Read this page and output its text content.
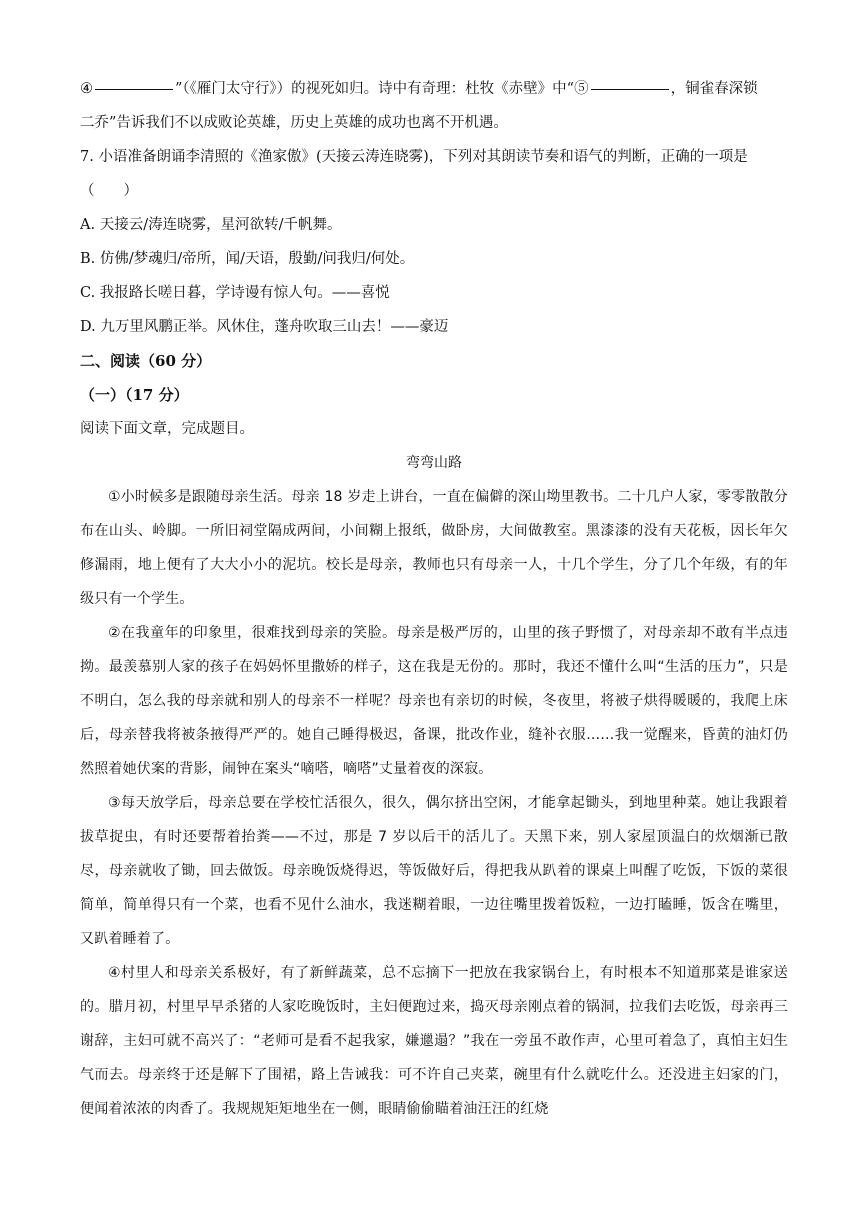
④	”（《雁门太守行》）的视死如归。诗中有奇理：杜牧《赤壁》中“⑤	，铜雀春深锁
二乔”告诉我们不以成败论英雄，历史上英雄的成功也离不开机遇。
7. 小语准备朗诵李清照的《渔家傲》(天接云涛连晓雾)，下列对其朗读节奏和语气的判断，正确的一项是
（　　）
A. 天接云/涛连晓雾，星河欲转/千帆舞。
B. 仿佛/梦魂归/帝所，闻/天语，殷勤/问我归/何处。
C. 我报路长嗟日暮，学诗谩有惊人句。——喜悦
D. 九万里风鹏正举。风休住，蓬舟吹取三山去！——豪迈
二、阅读（60 分）
（一）（17 分）
阅读下面文章，完成题目。
弯弯山路

①小时候多是跟随母亲生活。母亲 18 岁走上讲台，一直在偏僻的深山坳里教书。二十几户人家，零零散散分布在山头、岭脚。一所旧祠堂隔成两间，小间糊上报纸，做卧房，大间做教室。黑漆漆的没有天花板，因长年欠修漏雨，地上便有了大大小小的泥坑。校长是母亲，教师也只有母亲一人，十几个学生，分了几个年级，有的年级只有一个学生。

②在我童年的印象里，很难找到母亲的笑脸。母亲是极严厉的，山里的孩子野惯了，对母亲却不敢有半点违拗。最羡慕别人家的孩子在妈妈怀里撒娇的样子，这在我是无份的。那时，我还不懂什么叫“生活的压力”，只是不明白，怎么我的母亲就和别人的母亲不一样呢？母亲也有亲切的时候，冬夜里，将被子烘得暖暖的，我爬上床后，母亲替我将被条掖得严严的。她自己睡得极迟，备课，批改作业，缝补衣服……我一觉醒来，昏黄的油灯仍然照着她伏案的背影，闹钟在案头“嘀嗒，嘀嗒”丈量着夜的深寂。

③每天放学后，母亲总要在学校忙活很久，很久，偶尔挤出空闲，才能拿起锄头，到地里种菜。她让我跟着拔草捉虫，有时还要帮着抬粪——不过，那是 7 岁以后干的活儿了。天黑下来，别人家屋顶温白的炊烟渐已散尽，母亲就收了锄，回去做饭。母亲晚饭烧得迟，等饭做好后，得把我从趴着的课桌上叫醒了吃饭，下饭的菜很简单，简单得只有一个菜，也看不见什么油水，我迷糊着眼，一边往嘴里拨着饭粒，一边打瞌睡，饭含在嘴里，又趴着睡着了。

④村里人和母亲关系极好，有了新鲜蔬菜，总不忘摘下一把放在我家锅台上，有时根本不知道那菜是谁家送的。腊月初，村里早早杀猪的人家吃晚饭时，主妇便跑过来，捣灭母亲刚点着的锅洞，拉我们去吃饭，母亲再三谢辞，主妇可就不高兴了：“老师可是看不起我家，嫌邋遢？”我在一旁虽不敢作声，心里可着急了，真怕主妇生气而去。母亲终于还是解下了围裙，路上告诫我：可不许自己夹菜，碗里有什么就吃什么。还没进主妇家的门，便闻着浓浓的肉香了。我规规矩矩地坐在一侧，眼睛偷偷瞄着油汪汪的红烧
